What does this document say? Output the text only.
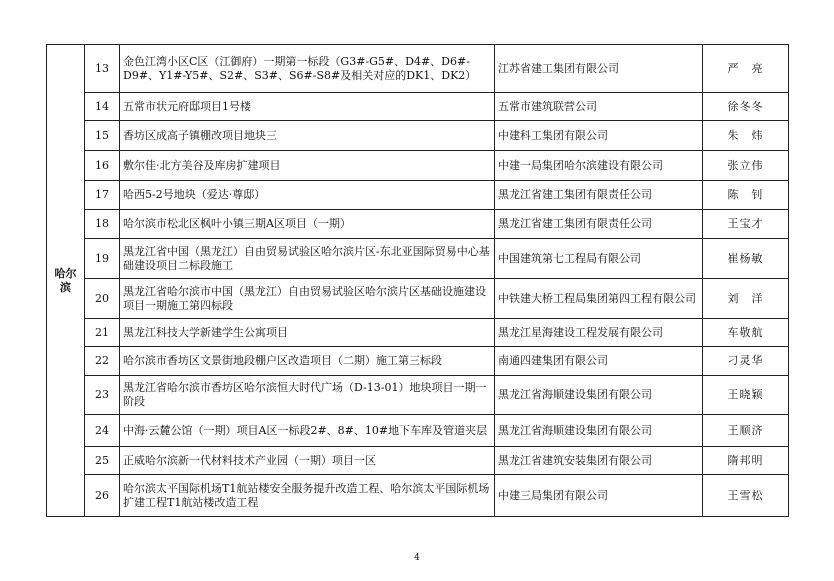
哈尔滨	13	金色江湾小区C区（江御府）一期第一标段（G3#-G5#、D4#、D6#-D9#、Y1#-Y5#、S2#、S3#、S6#-S8#及相关对应的DK1、DK2）	江苏省建工集团有限公司	严　亮
	14	五常市状元府邸项目1号楼	五常市建筑联营公司	徐冬冬
	15	香坊区成高子镇棚改项目地块三	中建科工集团有限公司	朱　炜
	16	敷尔佳·北方美谷及库房扩建项目	中建一局集团哈尔滨建设有限公司	张立伟
	17	哈西5-2号地块（爱达·尊邸）	黑龙江省建工集团有限责任公司	陈　钊
	18	哈尔滨市松北区枫叶小镇三期A区项目（一期）	黑龙江省建工集团有限责任公司	王宝才
	19	黑龙江省中国（黑龙江）自由贸易试验区哈尔滨片区-东北亚国际贸易中心基础建设项目二标段施工	中国建筑第七工程局有限公司	崔杨敏
	20	黑龙江省哈尔滨市中国（黑龙江）自由贸易试验区哈尔滨片区基础设施建设项目一期施工第四标段	中铁建大桥工程局集团第四工程有限公司	刘　洋
	21	黑龙江科技大学新建学生公寓项目	黑龙江星海建设工程发展有限公司	车敬航
	22	哈尔滨市香坊区文景街地段棚户区改造项目（二期）施工第三标段	南通四建集团有限公司	刁灵华
	23	黑龙江省哈尔滨市香坊区哈尔滨恒大时代广场（D-13-01）地块项目一期一阶段	黑龙江省海顺建设集团有限公司	王晓颖
	24	中海·云麓公馆（一期）项目A区一标段2#、8#、10#地下车库及管道夹层	黑龙江省海顺建设集团有限公司	王顺济
	25	正威哈尔滨新一代材料技术产业园（一期）项目一区	黑龙江省建筑安装集团有限公司	隋邦明
	26	哈尔滨太平国际机场T1航站楼安全服务提升改造工程、哈尔滨太平国际机场扩建工程T1航站楼改造工程	中建三局集团有限公司	王雪松
4
